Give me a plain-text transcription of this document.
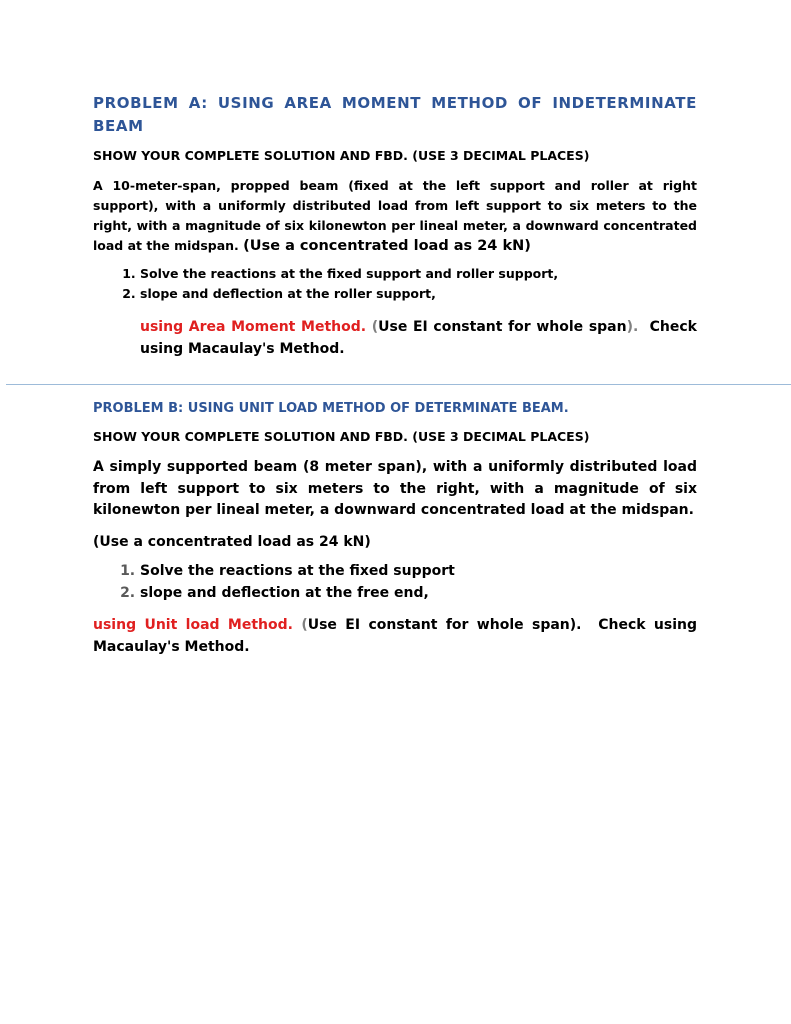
PROBLEM A: USING AREA MOMENT METHOD OF INDETERMINATE BEAM

SHOW YOUR COMPLETE SOLUTION AND FBD. (USE 3 DECIMAL PLACES)

A 10-meter-span, propped beam (fixed at the left support and roller at right support), with a uniformly distributed load from left support to six meters to the right, with a magnitude of six kilonewton per lineal meter, a downward concentrated load at the midspan. (Use a concentrated load as 24 kN)

1. Solve the reactions at the fixed support and roller support,
2. slope and deflection at the roller support,

using Area Moment Method. (Use EI constant for whole span). Check using Macaulay's Method.

PROBLEM B: USING UNIT LOAD METHOD OF DETERMINATE BEAM.

SHOW YOUR COMPLETE SOLUTION AND FBD. (USE 3 DECIMAL PLACES)

A simply supported beam (8 meter span), with a uniformly distributed load from left support to six meters to the right, with a magnitude of six kilonewton per lineal meter, a downward concentrated load at the midspan.

(Use a concentrated load as 24 kN)

1. Solve the reactions at the fixed support
2. slope and deflection at the free end,

using Unit load Method. (Use EI constant for whole span). Check using Macaulay's Method.
